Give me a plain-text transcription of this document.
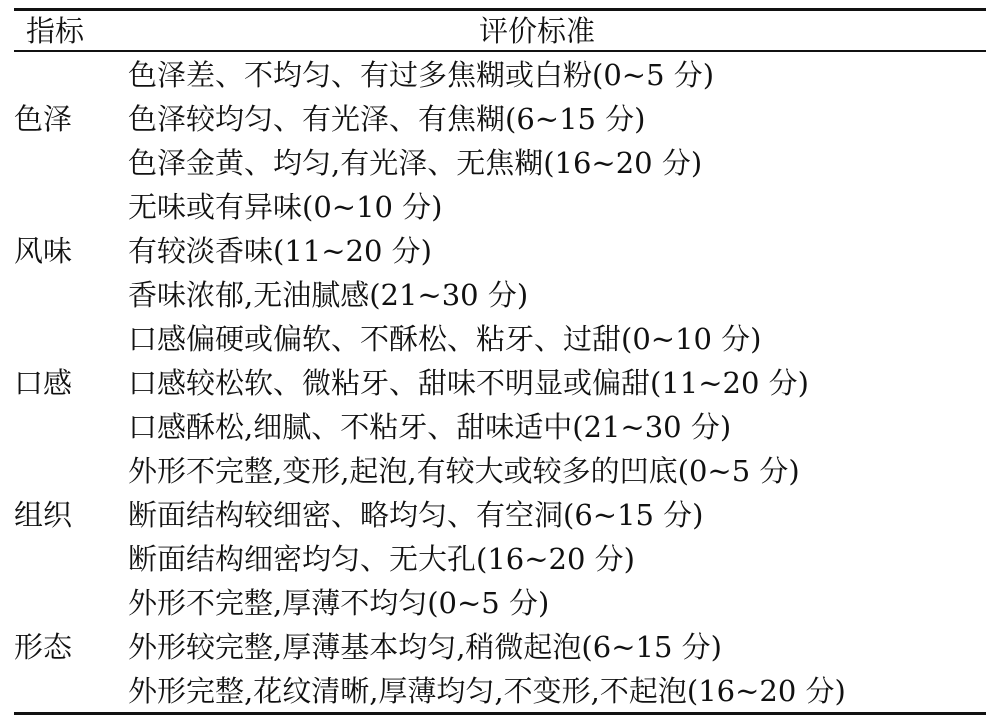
指标	评价标准
色泽	色泽差、不均匀、有过多焦糊或白粉(0~5 分)
	色泽较均匀、有光泽、有焦糊(6~15 分)
	色泽金黄、均匀,有光泽、无焦糊(16~20 分)
风味	无味或有异味(0~10 分)
	有较淡香味(11~20 分)
	香味浓郁,无油腻感(21~30 分)
口感	口感偏硬或偏软、不酥松、粘牙、过甜(0~10 分)
	口感较松软、微粘牙、甜味不明显或偏甜(11~20 分)
	口感酥松,细腻、不粘牙、甜味适中(21~30 分)
组织	外形不完整,变形,起泡,有较大或较多的凹底(0~5 分)
	断面结构较细密、略均匀、有空洞(6~15 分)
	断面结构细密均匀、无大孔(16~20 分)
形态	外形不完整,厚薄不均匀(0~5 分)
	外形较完整,厚薄基本均匀,稍微起泡(6~15 分)
	外形完整,花纹清晰,厚薄均匀,不变形,不起泡(16~20 分)
